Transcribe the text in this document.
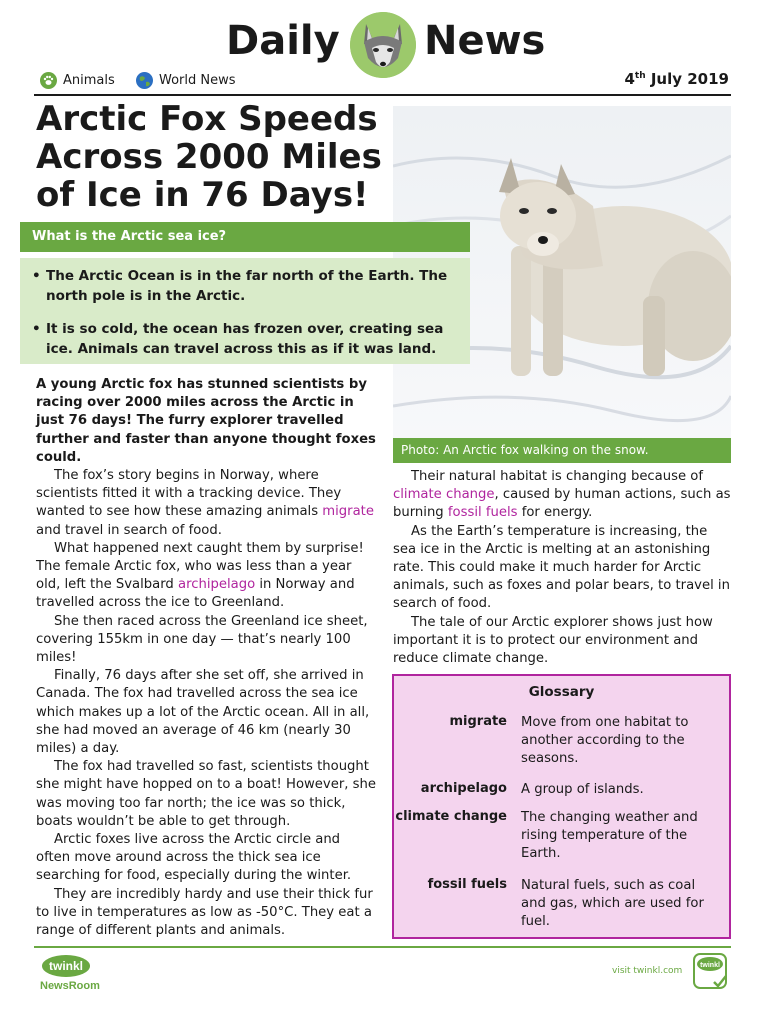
Daily News
Animals	World News	4th July 2019
Arctic Fox Speeds Across 2000 Miles of Ice in 76 Days!
Photo: An Arctic fox walking on the snow.
What is the Arctic sea ice?
• The Arctic Ocean is in the far north of the Earth. The north pole is in the Arctic.
• It is so cold, the ocean has frozen over, creating sea ice. Animals can travel across this as if it was land.

A young Arctic fox has stunned scientists by racing over 2000 miles across the Arctic in just 76 days! The furry explorer travelled further and faster than anyone thought foxes could.

The fox’s story begins in Norway, where scientists fitted it with a tracking device. They wanted to see how these amazing animals migrate and travel in search of food.

What happened next caught them by surprise! The female Arctic fox, who was less than a year old, left the Svalbard archipelago in Norway and travelled across the ice to Greenland.

She then raced across the Greenland ice sheet, covering 155km in one day — that’s nearly 100 miles!

Finally, 76 days after she set off, she arrived in Canada. The fox had travelled across the sea ice which makes up a lot of the Arctic ocean. All in all, she had moved an average of 46 km (nearly 30 miles) a day.

The fox had travelled so fast, scientists thought she might have hopped on to a boat! However, she was moving too far north; the ice was so thick, boats wouldn’t be able to get through.

Arctic foxes live across the Arctic circle and often move around across the thick sea ice searching for food, especially during the winter.

They are incredibly hardy and use their thick fur to live in temperatures as low as -50°C. They eat a range of different plants and animals.

Their natural habitat is changing because of climate change, caused by human actions, such as burning fossil fuels for energy.

As the Earth’s temperature is increasing, the sea ice in the Arctic is melting at an astonishing rate. This could make it much harder for Arctic animals, such as foxes and polar bears, to travel in search of food.

The tale of our Arctic explorer shows just how important it is to protect our environment and reduce climate change.

Glossary
migrate Move from one habitat to another according to the seasons.
archipelago A group of islands.
climate change The changing weather and rising temperature of the Earth.
fossil fuels Natural fuels, such as coal and gas, which are used for fuel.
twinkl
NewsRoom
visit twinkl.com
twinkl
